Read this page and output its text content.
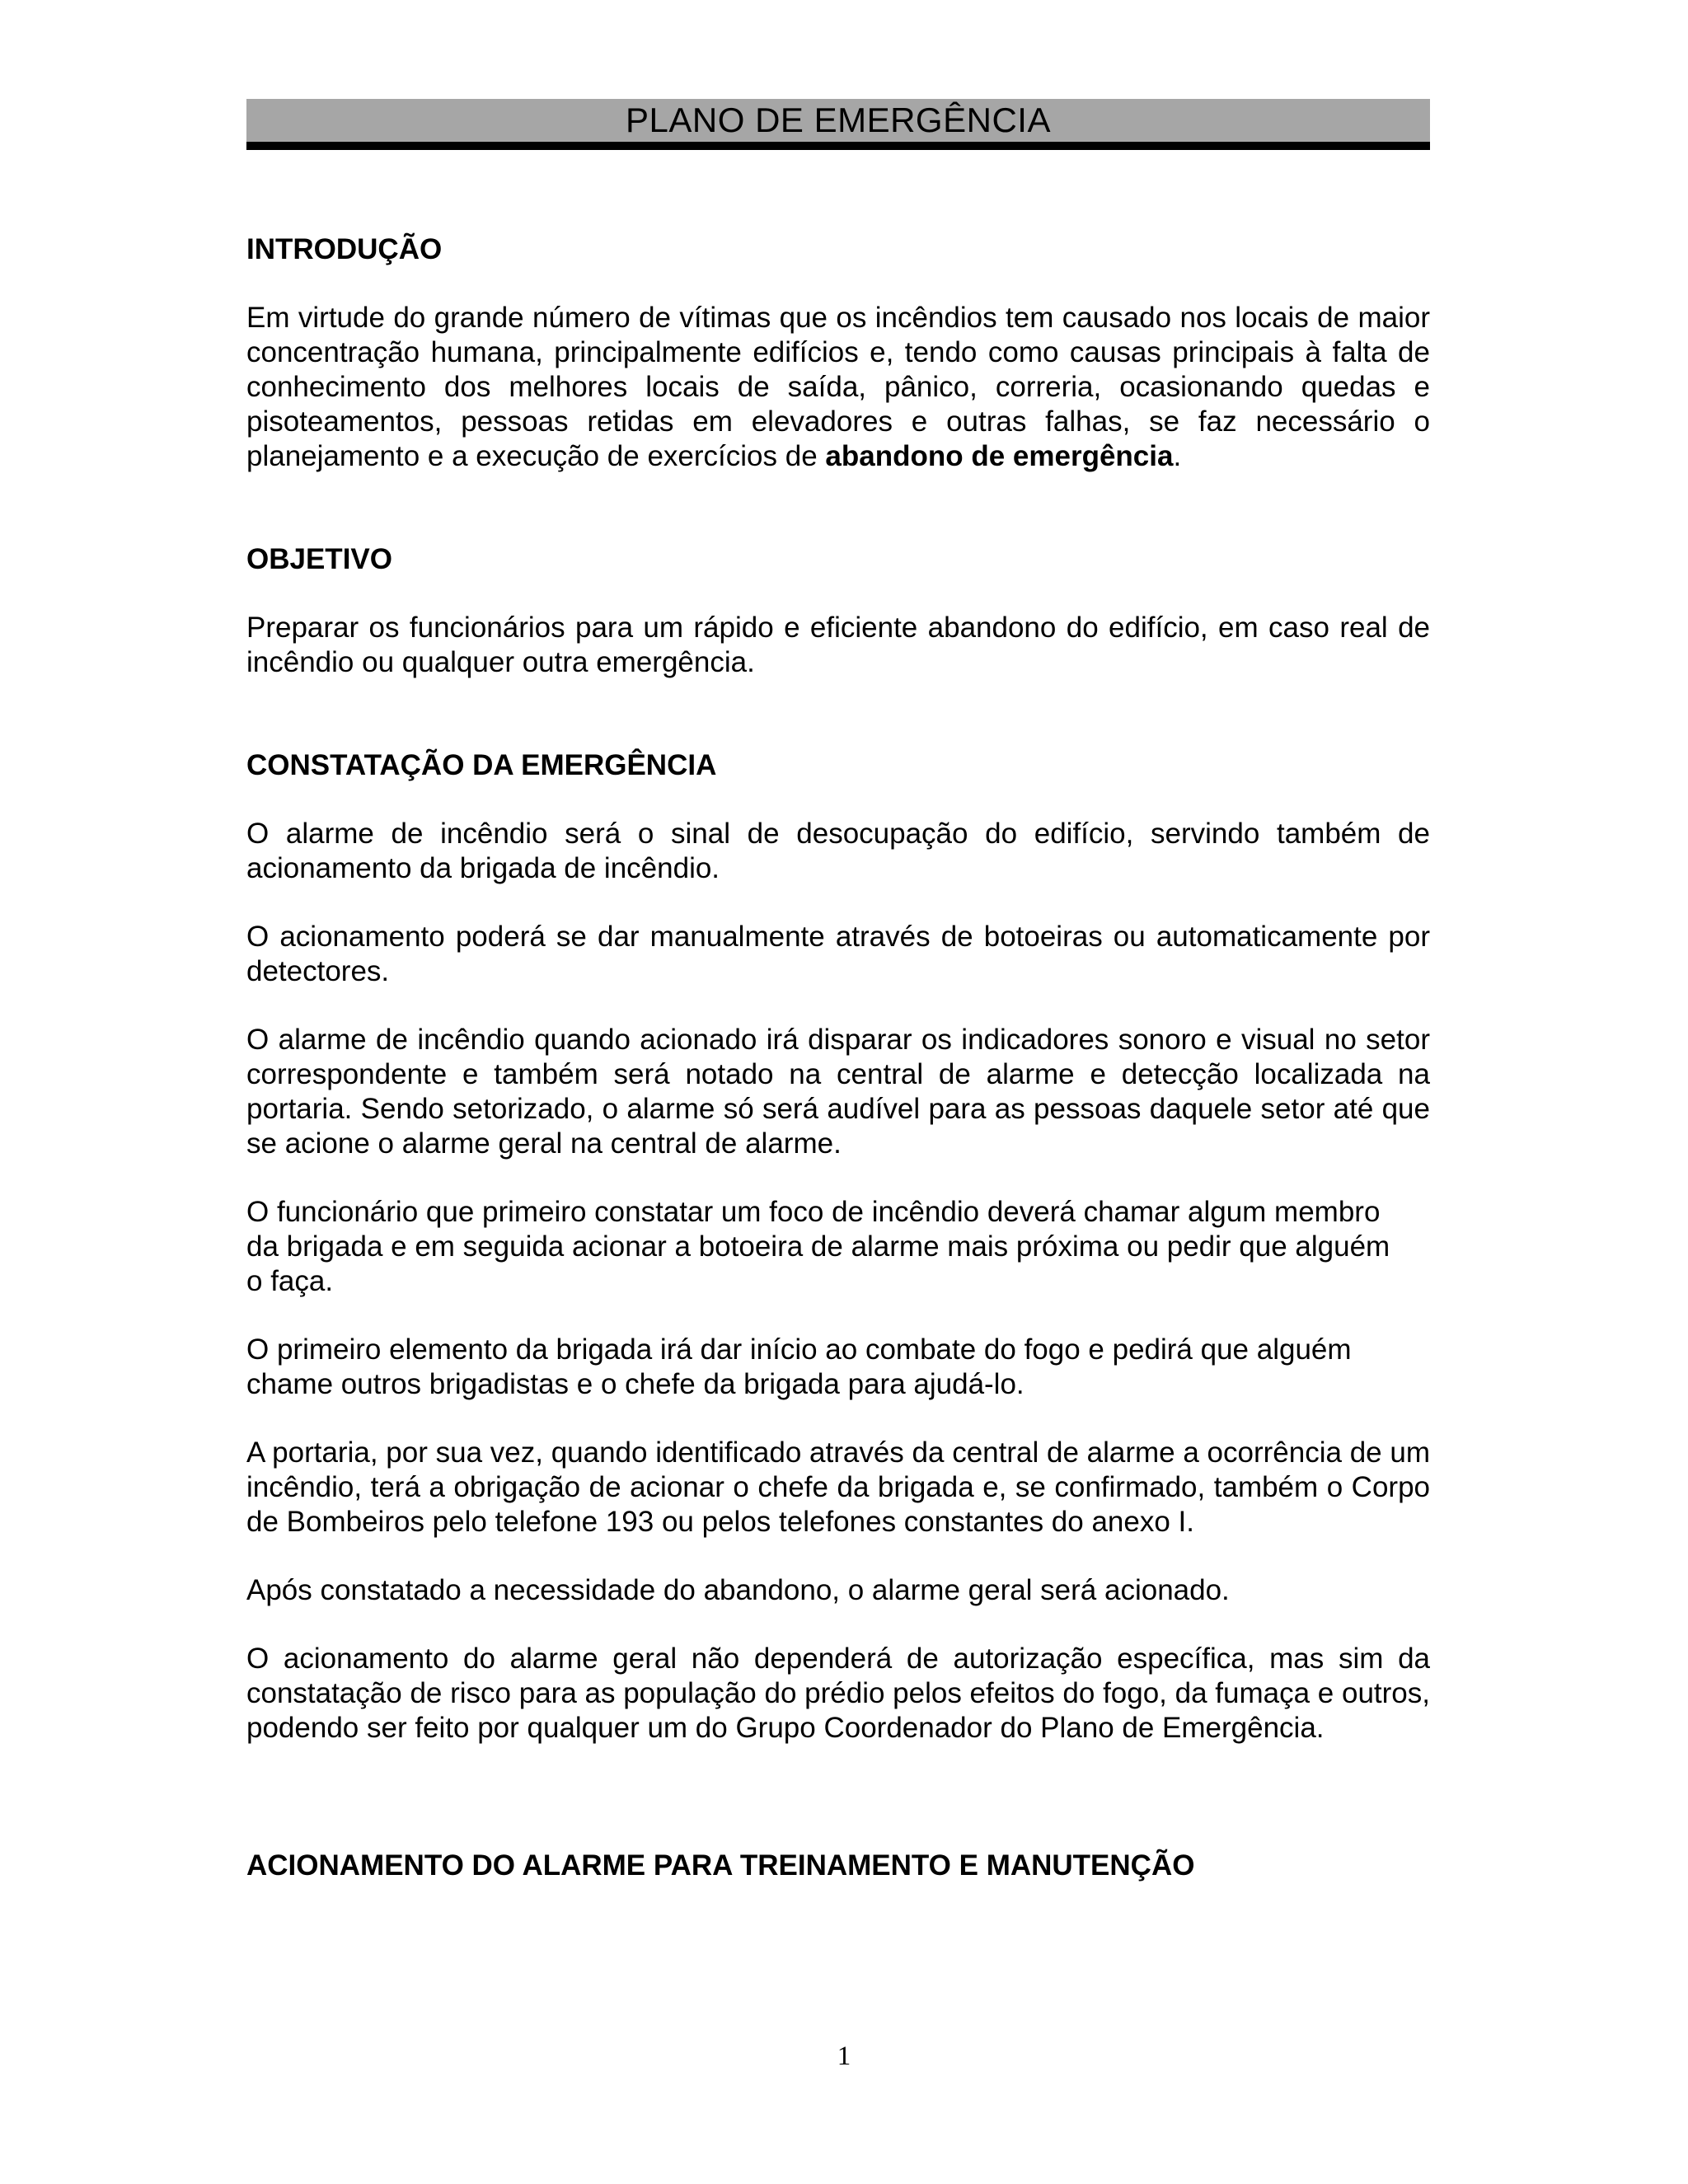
PLANO DE EMERGÊNCIA
INTRODUÇÃO

Em virtude do grande número de vítimas que os incêndios tem causado nos locais de maior concentração humana, principalmente edifícios e, tendo como causas principais à falta de conhecimento dos melhores locais de saída, pânico, correria, ocasionando quedas e pisoteamentos, pessoas retidas em elevadores e outras falhas, se faz necessário o planejamento e a execução de exercícios de abandono de emergência.

OBJETIVO

Preparar os funcionários para um rápido e eficiente abandono do edifício, em caso real de incêndio ou qualquer outra emergência.

CONSTATAÇÃO DA EMERGÊNCIA

O alarme de incêndio será o sinal de desocupação do edifício, servindo também de acionamento da brigada de incêndio.

O acionamento poderá se dar manualmente através de botoeiras ou automaticamente por detectores.

O alarme de incêndio quando acionado irá disparar os indicadores sonoro e visual no setor correspondente e também será notado na central de alarme e detecção localizada na portaria. Sendo setorizado, o alarme só será audível para as pessoas daquele setor até que se acione o alarme geral na central de alarme.

O funcionário que primeiro constatar um foco de incêndio deverá chamar algum membro da brigada e em seguida acionar a botoeira de alarme mais próxima ou pedir que alguém o faça.

O primeiro elemento da brigada irá dar início ao combate do fogo e pedirá que alguém chame outros brigadistas e o chefe da brigada para ajudá-lo.

A portaria, por sua vez, quando identificado através da central de alarme a ocorrência de um incêndio, terá a obrigação de acionar o chefe da brigada e, se confirmado, também o Corpo de Bombeiros pelo telefone 193 ou pelos telefones constantes do anexo I.

Após constatado a necessidade do abandono, o alarme geral será acionado.

O acionamento do alarme geral não dependerá de autorização específica, mas sim da constatação de risco para as população do prédio pelos efeitos do fogo, da fumaça e outros, podendo ser feito por qualquer um do Grupo Coordenador do Plano de Emergência.

ACIONAMENTO DO ALARME PARA TREINAMENTO E MANUTENÇÃO
1
